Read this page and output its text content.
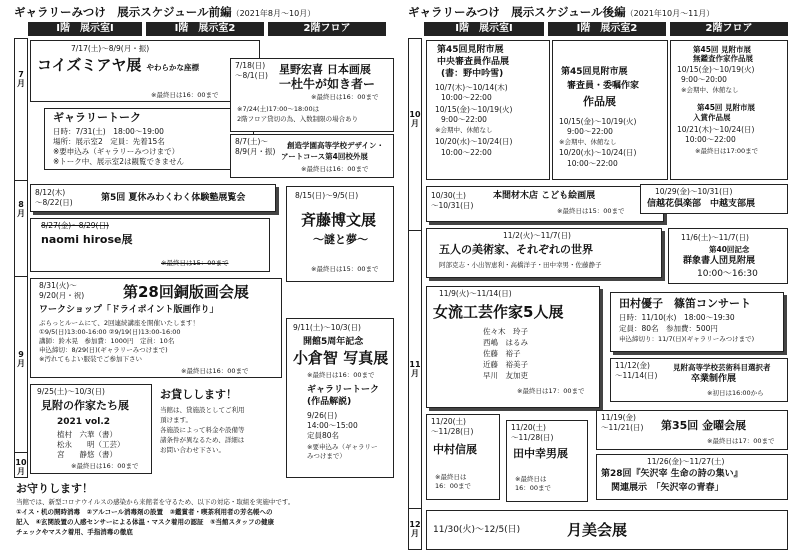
ギャラリーみつけ　展示スケジュール前編（2021年8月〜10月）
I階　展示室I	I階　展示室2	2階フロア
7月
8月
9月
10月
7/17(土)〜8/9(月・振)
コイズミアヤ展 やわらかな座標
※最終日は16：00まで
ギャラリートーク
日時：7/31(土)　18:00〜19:00
場所：展示室2　定員：先着15名
※要申込み（ギャラリーみつけまで）
※トーク中、展示室2は観覧できません
7/18(日)
〜8/1(日) 星野宏喜 日本画展
一杜牛が如き者ー
※最終日は16：00まで
※7/24(土)17:00〜18:00は
2階フロア貸切の為、入数制限の場合あり
8/7(土)〜
8/9(月・振)
創造学園高等学校デザイン・
アートコース第4回校外展
※最終日は16：00まで
8/12(木)
〜8/22(日)	第5回 夏休みわくわく体験塾展覧会
8/27(金)〜8/29(日)
naomi hirose展
※最終日は15：00まで
8/15(日)〜9/5(日)
斉藤博文展
〜謎と夢〜
※最終日は15：00まで
8/31(火)〜
9/20(月・祝)	第28回銅版画会展
ワークショップ「ドライポイント版画作り」
ぶらっとルームにて、2回連続講座を開催いたします！
①9/5(日)13:00-16:00 ②9/19(日)13:00-16:00
講師：鈴木晃　参加費：1000円　定員：10名
申込締切：8/29(日)(ギャラリーみつけまで)
※汚れてもよい服装でご参加下さい
※最終日は16：00まで
9/11(土)〜10/3(日)
開館5周年記念
小倉智 写真展
※最終日は16：00まで
ギャラリートーク
(作品解説)
9/26(日)
14:00〜15:00
定員80名
※要申込み（ギャラリー
みつけまで）
9/25(土)〜10/3(日)
見附の作家たち展
2021 vol.2
植村　六華（書）
松永　　明（工芸）
宮　　静悠（書）
※最終日は16：00まで
お貸しします！
当館は、貸施設としてご利用
頂けます。
各施設によって料金や設備等
諸条件が異なるため、詳細は
お問い合わせ下さい。
お守りします！
当館では、新型コロナウイルスの感染から来館者を守るため、以下の対応・取組を実施中です。
①イス・机の開時消毒　②アルコール消毒剤の設置　③鑑賞者・喫茶利用者の芳名帳への
記入　④玄関設置の人感センサーによる体温・マスク着用の認証　⑤当館スタッフの健康
チェックやマスク着用、手指消毒の徹底
ギャラリーみつけ　展示スケジュール後編（2021年10月〜11月）
I階　展示室I	I階　展示室2	2階フロア
10月
11月
12月
第45回見附市展
中央審査員作品展
(書：野中吟雪)
10/7(木)〜10/14(木)
10:00〜22:00
10/15(金)〜10/19(火)
9:00〜22:00
※会期中、休館なし
10/20(水)〜10/24(日)
10:00〜22:00
第45回見附市展
審査員・委嘱作家
作品展
10/15(金)〜10/19(火)
9:00〜22:00
※会期中、休館なし
10/20(水)〜10/24(日)
10:00〜22:00
第45回 見附市展
無鑑査作家作品展
10/15(金)〜10/19(火)
9:00〜20:00
※会期中、休館なし
第45回 見附市展
入賞作品展
10/21(木)〜10/24(日)
10:00〜22:00
※最終日は17:00まで
10/30(土)
〜10/31(日)
本間材木店 こども絵画展
※最終日は15：00まで
10/29(金)〜10/31(日)
信越花倶楽部　中越支部展
11/2(火)〜11/7(日)
五人の美術家、それぞれの世界
阿部克志・小出智恵利・高橋洋子・田中幸男・佐藤静子
11/6(土)〜11/7(日)
第40回記念
群象書人団見附展
10:00〜16:30
11/9(火)〜11/14(日)
女流工芸作家5人展
佐々木　玲子
西嶋　はるみ
佐藤　裕子
近藤　裕美子
早川　友加吏
※最終日は17：00まで
田村優子　篠笛コンサート
日時：11/10(水)　18:00〜19:30
定員：80名　参加費：500円
申込締切り：11/7(日)(ギャラリーみつけまで)
11/12(金)
〜11/14(日)
見附高等学校芸術科目選択者
卒業制作展
※初日は16:00から
11/20(土)
〜11/28(日)
中村信展
※最終日は
16：00まで
11/20(土)
〜11/28(日)
田中幸男展
※最終日は
16：00まで
11/19(金)
〜11/21(日) 第35回 金曜会展
※最終日は17：00まで
11/26(金)〜11/27(土)
第28回『矢沢宰 生命の詩の集い』
関連展示　「矢沢宰の青春」
11/30(火)〜12/5(日)	月美会展
